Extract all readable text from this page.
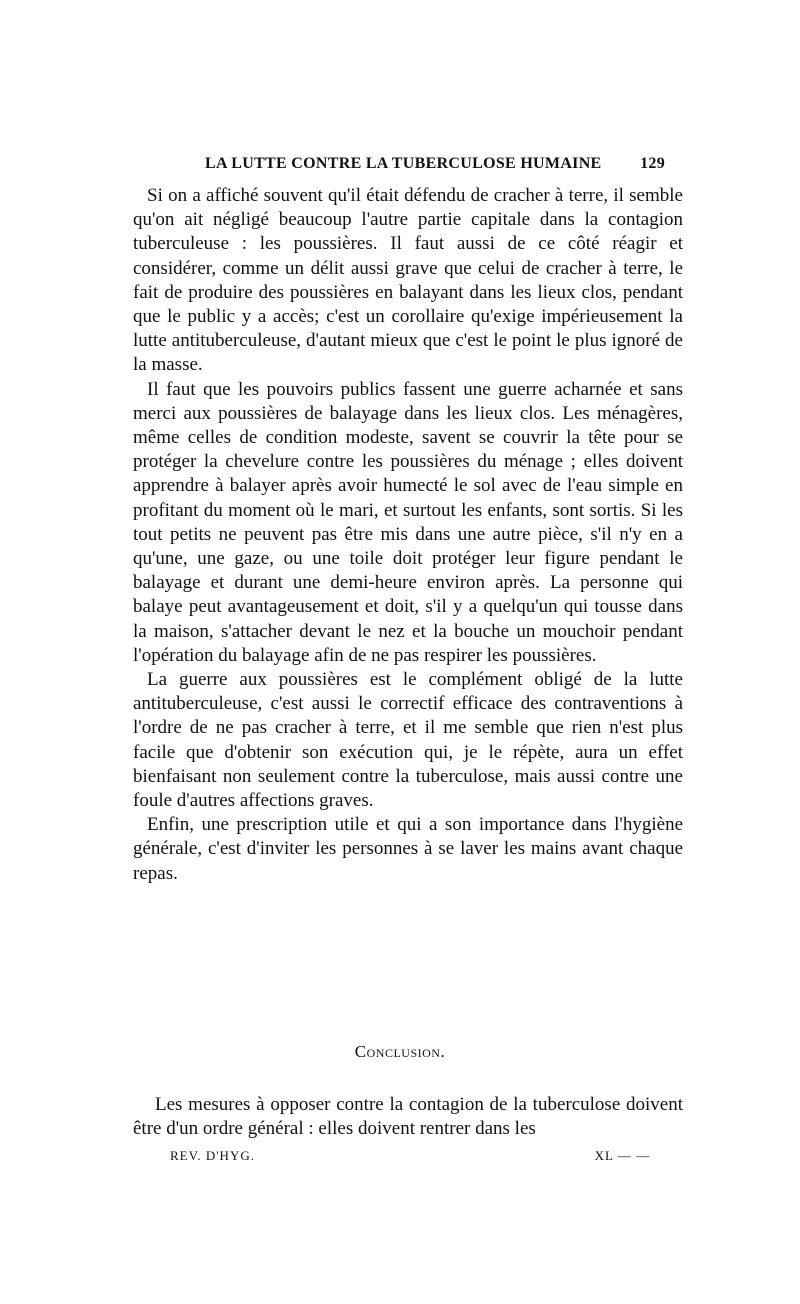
LA LUTTE CONTRE LA TUBERCULOSE HUMAINE 129

Si on a affiché souvent qu'il était défendu de cracher à terre, il semble qu'on ait négligé beaucoup l'autre partie capitale dans la contagion tuberculeuse : les poussières. Il faut aussi de ce côté réagir et considérer, comme un délit aussi grave que celui de cracher à terre, le fait de produire des poussières en balayant dans les lieux clos, pendant que le public y a accès; c'est un corollaire qu'exige impérieusement la lutte antituberculeuse, d'autant mieux que c'est le point le plus ignoré de la masse.

Il faut que les pouvoirs publics fassent une guerre acharnée et sans merci aux poussières de balayage dans les lieux clos. Les ménagères, même celles de condition modeste, savent se couvrir la tête pour se protéger la chevelure contre les poussières du ménage ; elles doivent apprendre à balayer après avoir humecté le sol avec de l'eau simple en profitant du moment où le mari, et surtout les enfants, sont sortis. Si les tout petits ne peuvent pas être mis dans une autre pièce, s'il n'y en a qu'une, une gaze, ou une toile doit protéger leur figure pendant le balayage et durant une demi-heure environ après. La personne qui balaye peut avantageusement et doit, s'il y a quelqu'un qui tousse dans la maison, s'attacher devant le nez et la bouche un mouchoir pendant l'opération du balayage afin de ne pas respirer les poussières.

La guerre aux poussières est le complément obligé de la lutte antituberculeuse, c'est aussi le correctif efficace des contraventions à l'ordre de ne pas cracher à terre, et il me semble que rien n'est plus facile que d'obtenir son exécution qui, je le répète, aura un effet bienfaisant non seulement contre la tuberculose, mais aussi contre une foule d'autres affections graves.

Enfin, une prescription utile et qui a son importance dans l'hygiène générale, c'est d'inviter les personnes à se laver les mains avant chaque repas.

Conclusion.

Les mesures à opposer contre la contagion de la tuberculose doivent être d'un ordre général : elles doivent rentrer dans les

REV. D'HYG.	XL — —
